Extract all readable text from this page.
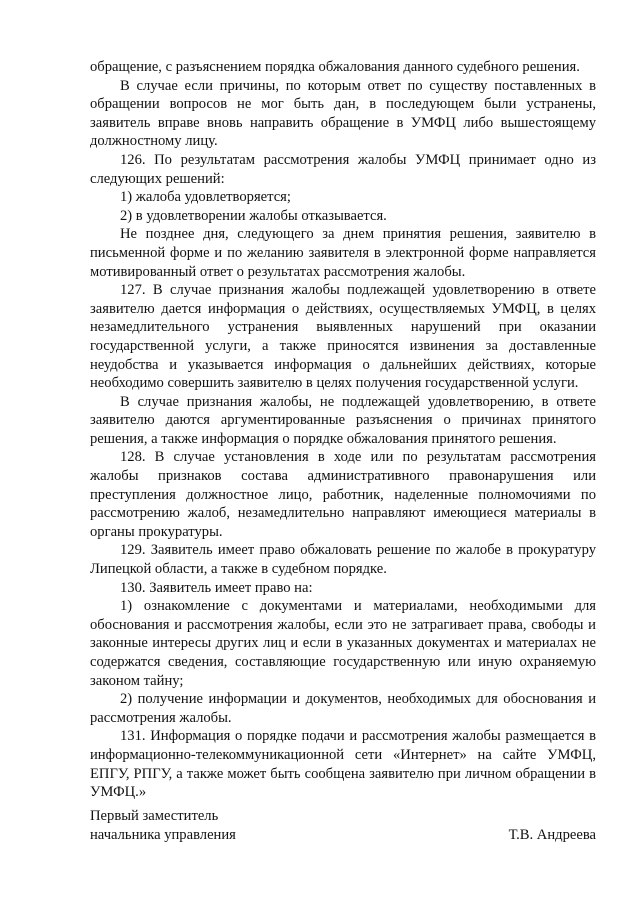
обращение, с разъяснением порядка обжалования данного судебного решения.

В случае если причины, по которым ответ по существу поставленных в обращении вопросов не мог быть дан, в последующем были устранены, заявитель вправе вновь направить обращение в УМФЦ либо вышестоящему должностному лицу.

126. По результатам рассмотрения жалобы УМФЦ принимает одно из следующих решений:

1) жалоба удовлетворяется;

2) в удовлетворении жалобы отказывается.

Не позднее дня, следующего за днем принятия решения, заявителю в письменной форме и по желанию заявителя в электронной форме направляется мотивированный ответ о результатах рассмотрения жалобы.

127. В случае признания жалобы подлежащей удовлетворению в ответе заявителю дается информация о действиях, осуществляемых УМФЦ, в целях незамедлительного устранения выявленных нарушений при оказании государственной услуги, а также приносятся извинения за доставленные неудобства и указывается информация о дальнейших действиях, которые необходимо совершить заявителю в целях получения государственной услуги.

В случае признания жалобы, не подлежащей удовлетворению, в ответе заявителю даются аргументированные разъяснения о причинах принятого решения, а также информация о порядке обжалования принятого решения.

128. В случае установления в ходе или по результатам рассмотрения жалобы признаков состава административного правонарушения или преступления должностное лицо, работник, наделенные полномочиями по рассмотрению жалоб, незамедлительно направляют имеющиеся материалы в органы прокуратуры.

129. Заявитель имеет право обжаловать решение по жалобе в прокуратуру Липецкой области, а также в судебном порядке.

130. Заявитель имеет право на:

1) ознакомление с документами и материалами, необходимыми для обоснования и рассмотрения жалобы, если это не затрагивает права, свободы и законные интересы других лиц и если в указанных документах и материалах не содержатся сведения, составляющие государственную или иную охраняемую законом тайну;

2) получение информации и документов, необходимых для обоснования и рассмотрения жалобы.

131. Информация о порядке подачи и рассмотрения жалобы размещается в информационно-телекоммуникационной сети «Интернет» на сайте УМФЦ, ЕПГУ, РПГУ, а также может быть сообщена заявителю при личном обращении в УМФЦ.»

Первый заместитель
начальника управления	Т.В. Андреева
